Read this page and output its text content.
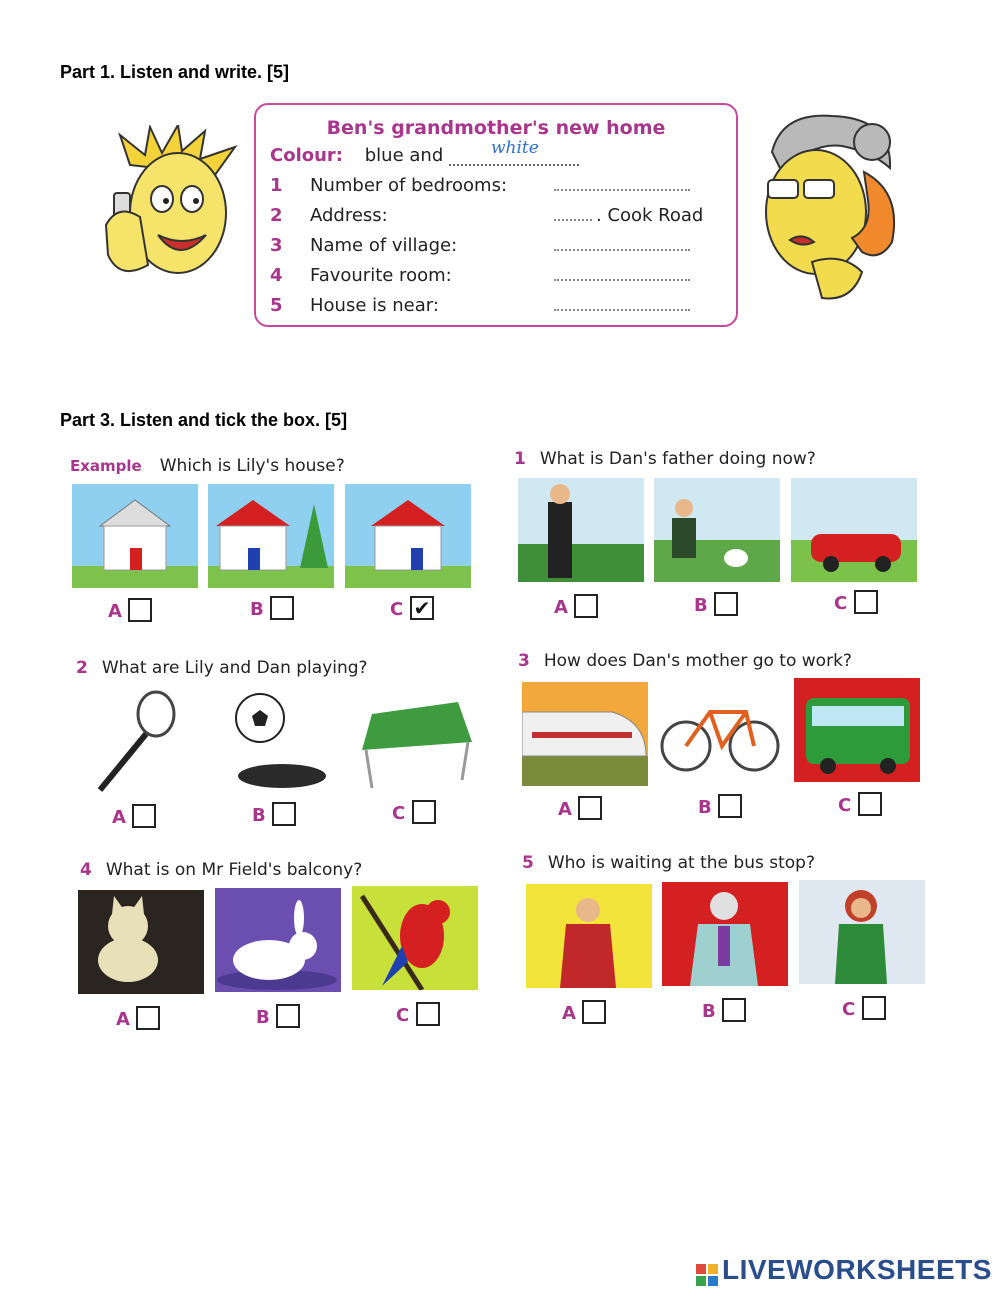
Part 1. Listen and write. [5]
Ben's grandmother's new home
Colour: blue and	white
1 Number of bedrooms:
2 Address:	. Cook Road
3 Name of village:
4 Favourite room:
5 House is near:
Part 3. Listen and tick the box. [5]
Example Which is Lily's house?
A	B	C ✔
1 What is Dan's father doing now?
A	B	C
2 What are Lily and Dan playing?
A	B	C
3 How does Dan's mother go to work?
A	B	C
4 What is on Mr Field's balcony?
A	B	C
5 Who is waiting at the bus stop?
A	B	C
LIVEWORKSHEETS
